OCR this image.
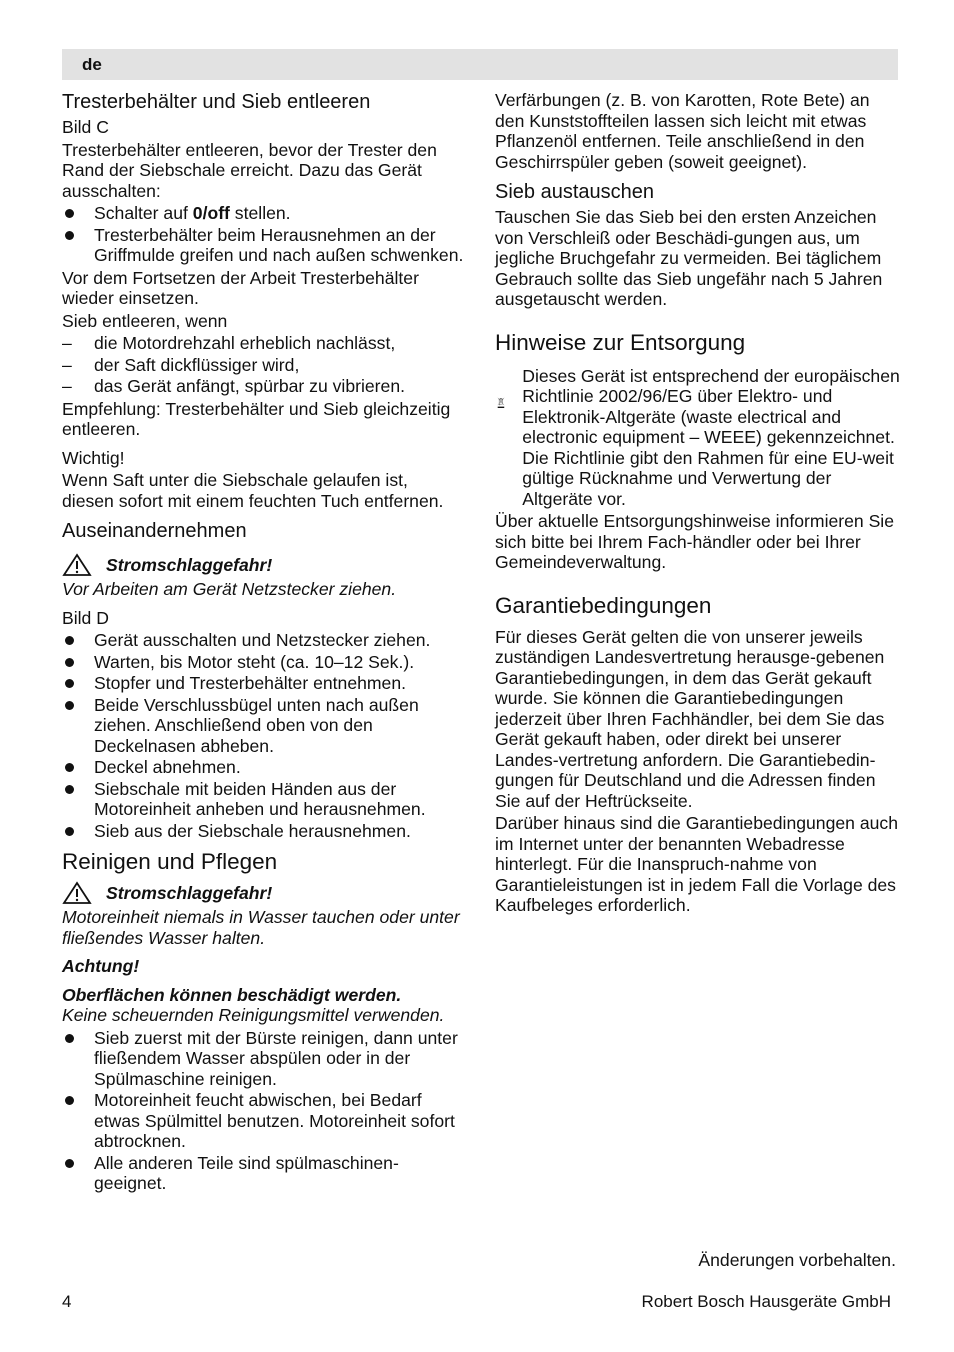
de
Tresterbehälter und Sieb entleeren

Bild C

Tresterbehälter entleeren, bevor der Trester den Rand der Siebschale erreicht. Dazu das Gerät ausschalten:

Schalter auf 0/off stellen.
Tresterbehälter beim Herausnehmen an der Griffmulde greifen und nach außen schwenken.

Vor dem Fortsetzen der Arbeit Tresterbehälter wieder einsetzen.

Sieb entleeren, wenn

– die Motordrehzahl erheblich nachlässt,
– der Saft dickflüssiger wird,
– das Gerät anfängt, spürbar zu vibrieren.

Empfehlung: Tresterbehälter und Sieb gleichzeitig entleeren.

Wichtig!

Wenn Saft unter die Siebschale gelaufen ist, diesen sofort mit einem feuchten Tuch entfernen.

Auseinandernehmen
Stromschlaggefahr!

Vor Arbeiten am Gerät Netzstecker ziehen.

Bild D

Gerät ausschalten und Netzstecker ziehen.
Warten, bis Motor steht (ca. 10–12 Sek.).
Stopfer und Tresterbehälter entnehmen.
Beide Verschlussbügel unten nach außen ziehen. Anschließend oben von den Deckelnasen abheben.
Deckel abnehmen.
Siebschale mit beiden Händen aus der Motoreinheit anheben und herausnehmen.
Sieb aus der Siebschale herausnehmen.
Reinigen und Pflegen
Stromschlaggefahr!

Motoreinheit niemals in Wasser tauchen oder unter fließendes Wasser halten.

Achtung!

Oberflächen können beschädigt werden.

Keine scheuernden Reinigungsmittel verwenden.

Sieb zuerst mit der Bürste reinigen, dann unter fließendem Wasser abspülen oder in der Spülmaschine reinigen.
Motoreinheit feucht abwischen, bei Bedarf etwas Spülmittel benutzen. Motoreinheit sofort abtrocknen.
Alle anderen Teile sind spülmaschinen-geeignet.

Verfärbungen (z. B. von Karotten, Rote Bete) an den Kunststoffteilen lassen sich leicht mit etwas Pflanzenöl entfernen. Teile anschließend in den Geschirrspüler geben (soweit geeignet).

Sieb austauschen

Tauschen Sie das Sieb bei den ersten Anzeichen von Verschleiß oder Beschädi-gungen aus, um jegliche Bruchgefahr zu vermeiden. Bei täglichem Gebrauch sollte das Sieb ungefähr nach 5 Jahren ausgetauscht werden.

Hinweise zur Entsorgung

Dieses Gerät ist entsprechend der europäischen Richtlinie 2002/96/EG über Elektro- und Elektronik-Altgeräte (waste electrical and electronic equipment – WEEE) gekennzeichnet. Die Richtlinie gibt den Rahmen für eine EU-weit gültige Rücknahme und Verwertung der Altgeräte vor.

Über aktuelle Entsorgungshinweise informieren Sie sich bitte bei Ihrem Fach-händler oder bei Ihrer Gemeindeverwaltung.

Garantiebedingungen

Für dieses Gerät gelten die von unserer jeweils zuständigen Landesvertretung herausge-gebenen Garantiebedingungen, in dem das Gerät gekauft wurde. Sie können die Garantiebedingungen jederzeit über Ihren Fachhändler, bei dem Sie das Gerät gekauft haben, oder direkt bei unserer Landes-vertretung anfordern. Die Garantiebedin-gungen für Deutschland und die Adressen finden Sie auf der Heftrückseite.

Darüber hinaus sind die Garantiebedingungen auch im Internet unter der benannten Webadresse hinterlegt. Für die Inanspruch-nahme von Garantieleistungen ist in jedem Fall die Vorlage des Kaufbeleges erforderlich.

Änderungen vorbehalten.
4	Robert Bosch Hausgeräte GmbH
